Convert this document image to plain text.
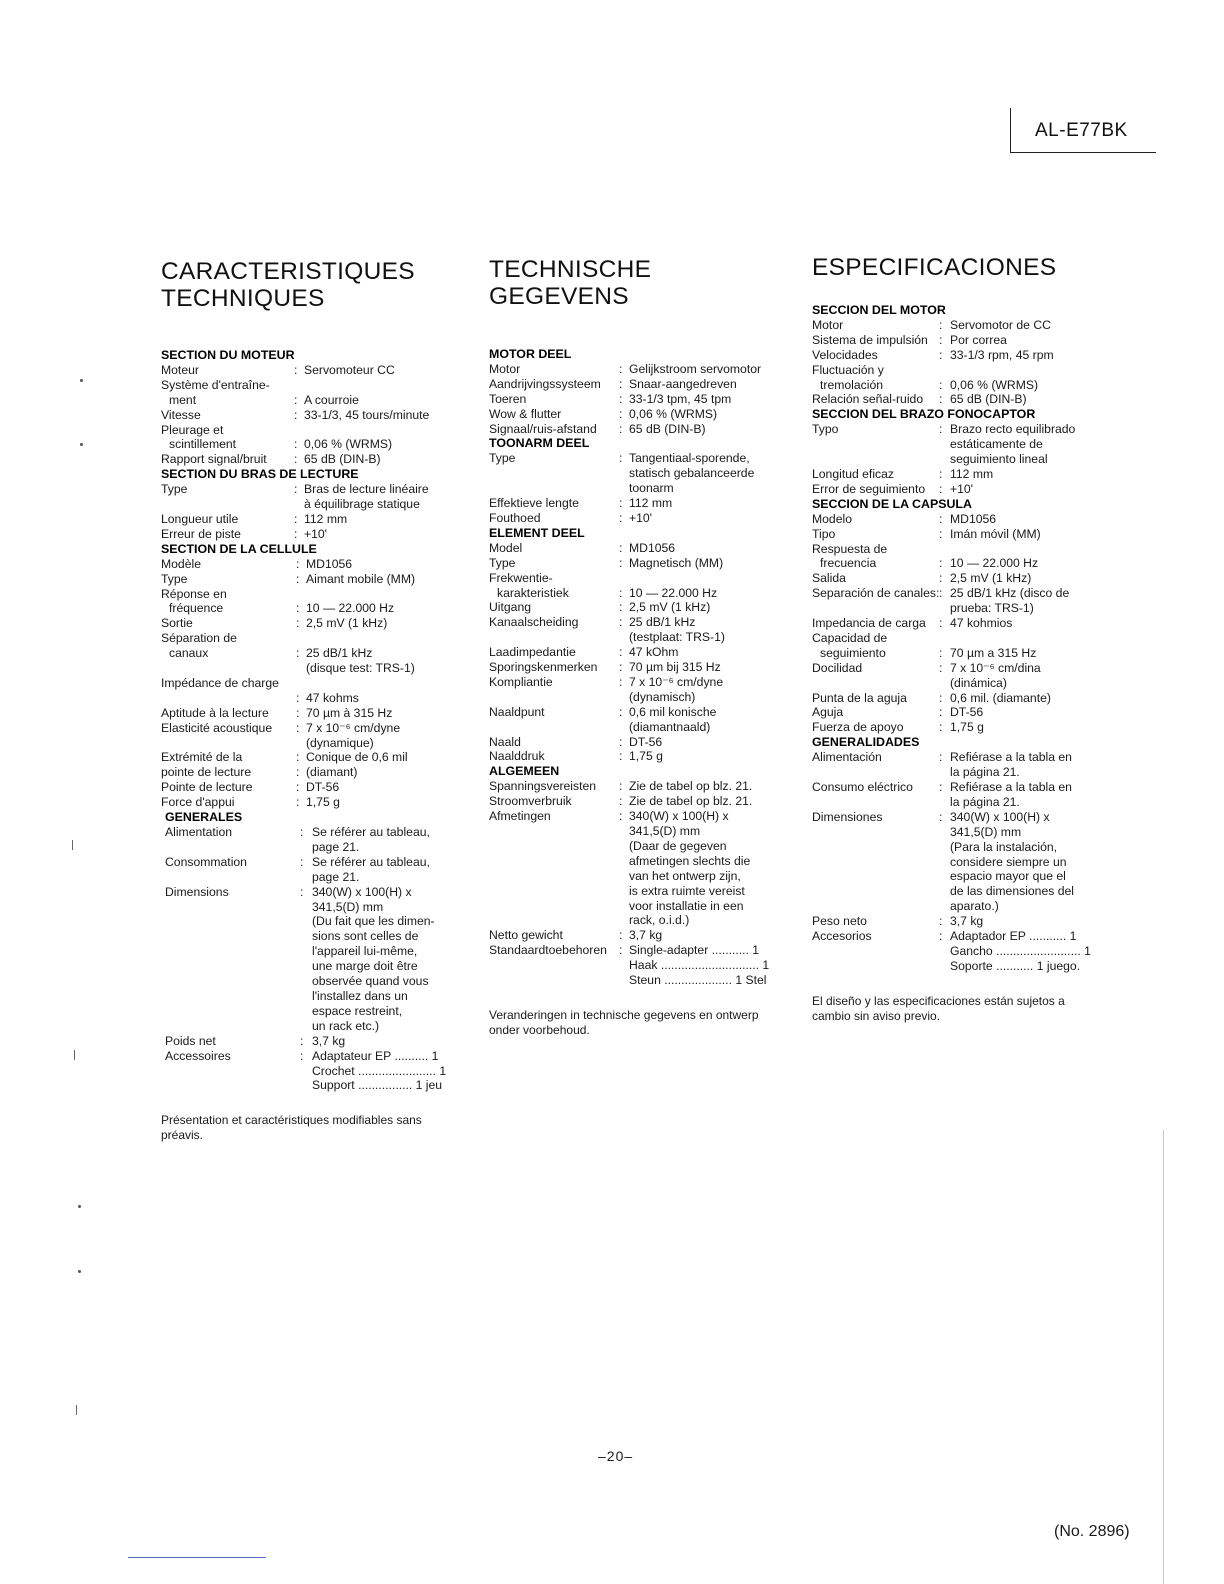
AL-E77BK
CARACTERISTIQUES
TECHNIQUES
SECTION DU MOTEUR
Moteur	: Servomoteur CC
Système d'entraîne-
ment	: A courroie
Vitesse	: 33-1/3, 45 tours/minute
Pleurage et
scintillement	: 0,06 % (WRMS)
Rapport signal/bruit : 65 dB (DIN-B)
SECTION DU BRAS DE LECTURE
Type	: Bras de lecture linéaire
à équilibrage statique
Longueur utile	: 112 mm
Erreur de piste	: +10'
SECTION DE LA CELLULE
Modèle	: MD1056
Type	: Aimant mobile (MM)
Réponse en
fréquence	: 10 — 22.000 Hz
Sortie	: 2,5 mV (1 kHz)
Séparation de
canaux	: 25 dB/1 kHz
(disque test: TRS-1)
Impédance de charge
: 47 kohms
Aptitude à la lecture : 70 µm à 315 Hz
Elasticité acoustique : 7 x 10⁻⁶ cm/dyne
(dynamique)
Extrémité de la	: Conique de 0,6 mil
pointe de lecture	: (diamant)
Pointe de lecture	: DT-56
Force d'appui	: 1,75 g
GENERALES
Alimentation	: Se référer au tableau,
page 21.
Consommation	: Se référer au tableau,
page 21.
Dimensions	: 340(W) x 100(H) x
341,5(D) mm
(Du fait que les dimen-
sions sont celles de
l'appareil lui-même,
une marge doit être
observée quand vous
l'installez dans un
espace restreint,
un rack etc.)
Poids net	: 3,7 kg
Accessoires	: Adaptateur EP .......... 1
Crochet ....................... 1
Support ................ 1 jeu
Présentation et caractéristiques modifiables sans
préavis.
TECHNISCHE
GEGEVENS
MOTOR DEEL
Motor	: Gelijkstroom servomotor
Aandrijvingssysteem : Snaar-aangedreven
Toeren	: 33-1/3 tpm, 45 tpm
Wow & flutter	: 0,06 % (WRMS)
Signaal/ruis-afstand : 65 dB (DIN-B)
TOONARM DEEL
Type	: Tangentiaal-sporende,
statisch gebalanceerde
toonarm
Effektieve lengte	: 112 mm
Fouthoed	: +10'
ELEMENT DEEL
Model	: MD1056
Type	: Magnetisch (MM)
Frekwentie-
karakteristiek	: 10 — 22.000 Hz
Uitgang	: 2,5 mV (1 kHz)
Kanaalscheiding	: 25 dB/1 kHz
(testplaat: TRS-1)
Laadimpedantie	: 47 kOhm
Sporingskenmerken : 70 µm bij 315 Hz
Kompliantie	: 7 x 10⁻⁶ cm/dyne
(dynamisch)
Naaldpunt	: 0,6 mil konische
(diamantnaald)
Naald	: DT-56
Naalddruk	: 1,75 g
ALGEMEEN
Spanningsvereisten : Zie de tabel op blz. 21.
Stroomverbruik	: Zie de tabel op blz. 21.
Afmetingen	: 340(W) x 100(H) x
341,5(D) mm
(Daar de gegeven
afmetingen slechts die
van het ontwerp zijn,
is extra ruimte vereist
voor installatie in een
rack, o.i.d.)
Netto gewicht	: 3,7 kg
Standaardtoebehoren : Single-adapter ........... 1
Haak ............................. 1
Steun .................... 1 Stel
Veranderingen in technische gegevens en ontwerp
onder voorbehoud.
ESPECIFICACIONES
SECCION DEL MOTOR
Motor	: Servomotor de CC
Sistema de impulsión : Por correa
Velocidades	: 33-1/3 rpm, 45 rpm
Fluctuación y
tremolación	: 0,06 % (WRMS)
Relación señal-ruido : 65 dB (DIN-B)
SECCION DEL BRAZO FONOCAPTOR
Typo	: Brazo recto equilibrado
estáticamente de
seguimiento lineal
Longitud eficaz	: 112 mm
Error de seguimiento : +10'
SECCION DE LA CAPSULA
Modelo	: MD1056
Tipo	: Imán móvil (MM)
Respuesta de
frecuencia	: 10 — 22.000 Hz
Salida	: 2,5 mV (1 kHz)
Separación de canales: : 25 dB/1 kHz (disco de
prueba: TRS-1)
Impedancia de carga : 47 kohmios
Capacidad de
seguimiento	: 70 µm a 315 Hz
Docilidad	: 7 x 10⁻⁶ cm/dina
(dinámica)
Punta de la aguja	: 0,6 mil. (diamante)
Aguja	: DT-56
Fuerza de apoyo	: 1,75 g
GENERALIDADES
Alimentación	: Refiérase a la tabla en
la página 21.
Consumo eléctrico : Refiérase a la tabla en
la página 21.
Dimensiones	: 340(W) x 100(H) x
341,5(D) mm
(Para la instalación,
considere siempre un
espacio mayor que el
de las dimensiones del
aparato.)
Peso neto	: 3,7 kg
Accesorios	: Adaptador EP ........... 1
Gancho ......................... 1
Soporte ........... 1 juego.
El diseño y las especificaciones están sujetos a
cambio sin aviso previo.
–20–
(No. 2896)
